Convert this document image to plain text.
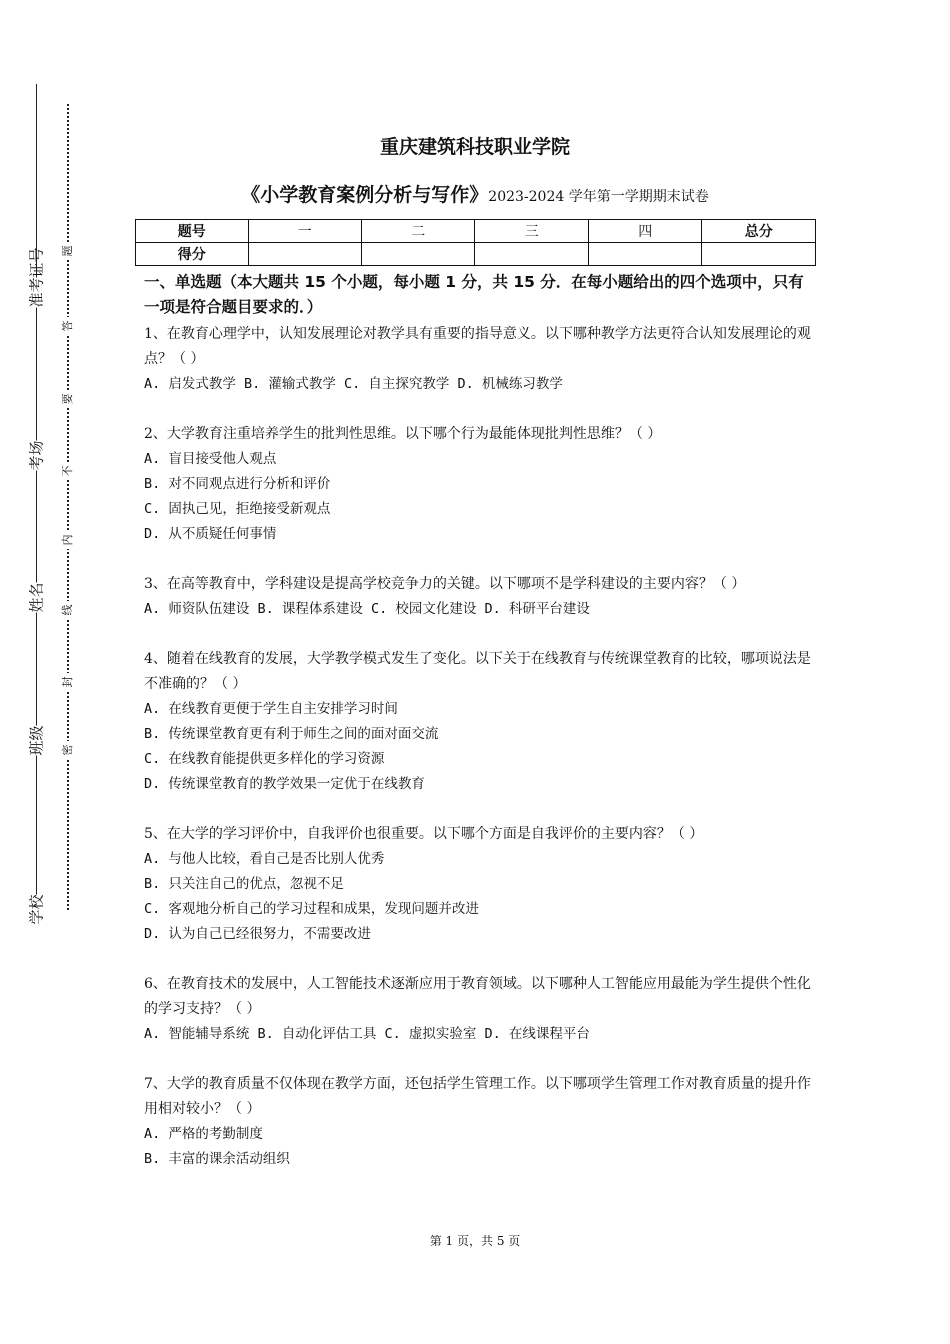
准考证号
考场
姓名
班级
学校
题
答
要
不
内
线
封
密
重庆建筑科技职业学院
《小学教育案例分析与写作》2023-2024 学年第一学期期末试卷
题号	一	二	三	四	总分
得分					
一、单选题（本大题共 15 个小题，每小题 1 分，共 15 分．在每小题给出的四个选项中，只有一项是符合题目要求的．）

1、在教育心理学中，认知发展理论对教学具有重要的指导意义。以下哪种教学方法更符合认知发展理论的观点？（ ）

A. 启发式教学 B. 灌输式教学 C. 自主探究教学 D. 机械练习教学

2、大学教育注重培养学生的批判性思维。以下哪个行为最能体现批判性思维？（ ）

A. 盲目接受他人观点

B. 对不同观点进行分析和评价

C. 固执己见，拒绝接受新观点

D. 从不质疑任何事情

3、在高等教育中，学科建设是提高学校竞争力的关键。以下哪项不是学科建设的主要内容？（ ）

A. 师资队伍建设 B. 课程体系建设 C. 校园文化建设 D. 科研平台建设

4、随着在线教育的发展，大学教学模式发生了变化。以下关于在线教育与传统课堂教育的比较，哪项说法是不准确的？（ ）

A. 在线教育更便于学生自主安排学习时间

B. 传统课堂教育更有利于师生之间的面对面交流

C. 在线教育能提供更多样化的学习资源

D. 传统课堂教育的教学效果一定优于在线教育

5、在大学的学习评价中，自我评价也很重要。以下哪个方面是自我评价的主要内容？（ ）

A. 与他人比较，看自己是否比别人优秀

B. 只关注自己的优点，忽视不足

C. 客观地分析自己的学习过程和成果，发现问题并改进

D. 认为自己已经很努力，不需要改进

6、在教育技术的发展中，人工智能技术逐渐应用于教育领域。以下哪种人工智能应用最能为学生提供个性化的学习支持？（ ）

A. 智能辅导系统 B. 自动化评估工具 C. 虚拟实验室 D. 在线课程平台

7、大学的教育质量不仅体现在教学方面，还包括学生管理工作。以下哪项学生管理工作对教育质量的提升作用相对较小？（ ）

A. 严格的考勤制度

B. 丰富的课余活动组织

第 1 页，共 5 页
